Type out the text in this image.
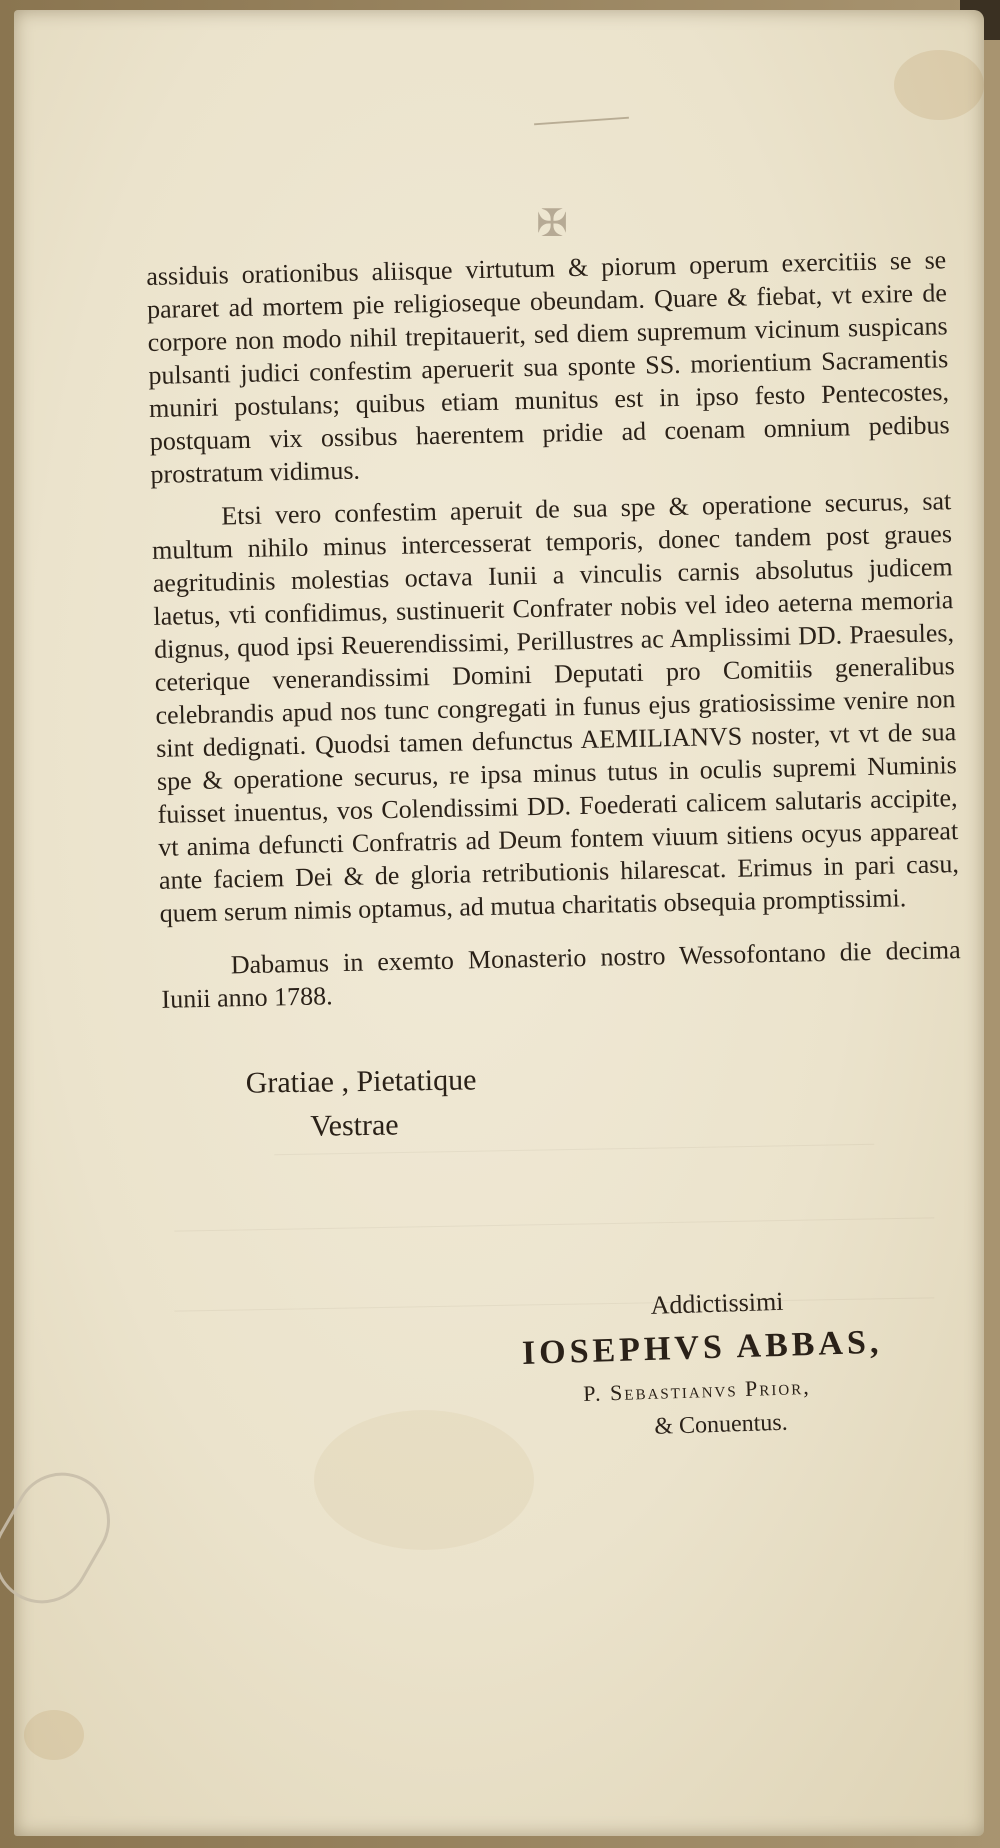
✠

assiduis orationibus aliisque virtutum & piorum operum exercitiis se se pararet ad mortem pie religioseque obeundam. Quare & fiebat, vt exire de corpore non modo nihil trepitauerit, sed diem supremum vicinum suspicans pulsanti judici confestim aperuerit sua sponte SS. morientium Sacramentis muniri postulans; quibus etiam munitus est in ipso festo Pentecostes, postquam vix ossibus haerentem pridie ad coenam omnium pedibus prostratum vidimus.

Etsi vero confestim aperuit de sua spe & operatione securus, sat multum nihilo minus intercesserat temporis, donec tandem post graues aegritudinis molestias octava Iunii a vinculis carnis absolutus judicem laetus, vti confidimus, sustinuerit Confrater nobis vel ideo aeterna memoria dignus, quod ipsi Reuerendissimi, Perillustres ac Amplissimi DD. Praesules, ceterique venerandissimi Domini Deputati pro Comitiis generalibus celebrandis apud nos tunc congregati in funus ejus gratiosissime venire non sint dedignati. Quodsi tamen defunctus AEMILIANVS noster, vt vt de sua spe & operatione securus, re ipsa minus tutus in oculis supremi Numinis fuisset inuentus, vos Colendissimi DD. Foederati calicem salutaris accipite, vt anima defuncti Confratris ad Deum fontem viuum sitiens ocyus appareat ante faciem Dei & de gloria retributionis hilarescat. Erimus in pari casu, quem serum nimis optamus, ad mutua charitatis obsequia promptissimi.

Dabamus in exemto Monasterio nostro Wessofontano die decima Iunii anno 1788.

Gratiae , Pietatique
Vestrae
Addictissimi
IOSEPHVS ABBAS,
P. Sebastianvs Prior,
& Conuentus.
